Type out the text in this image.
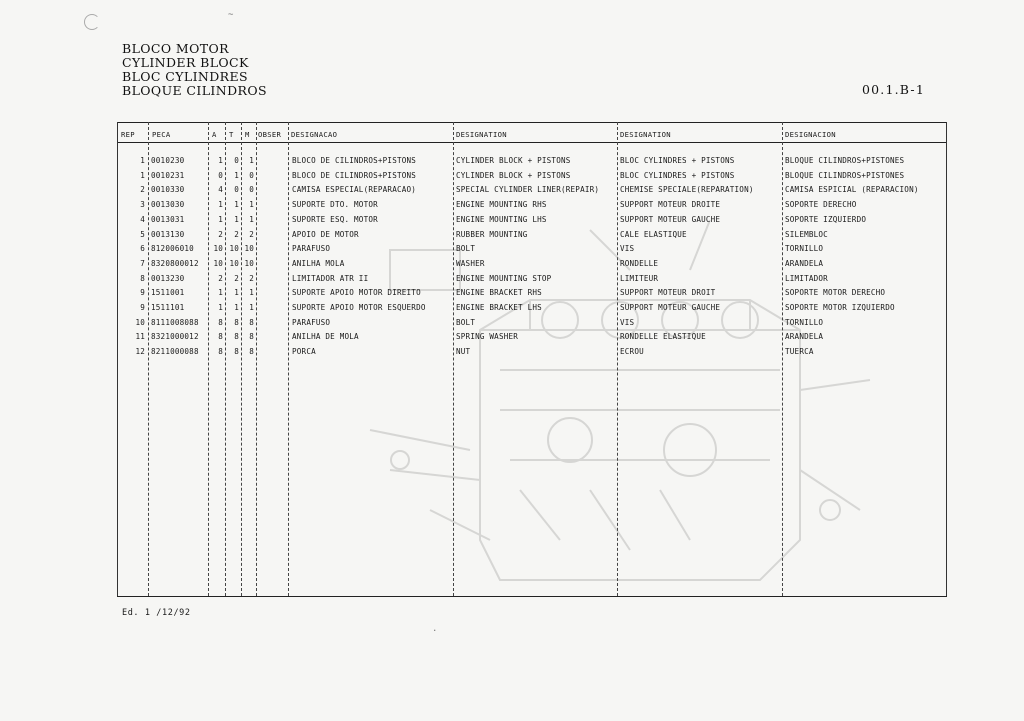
~
BLOCO MOTOR
CYLINDER BLOCK
BLOC CYLINDRES
BLOQUE CILINDROS	00.1.B-1
REP PECA	A T M OBSER DESIGNACAO	DESIGNATION	DESIGNATION	DESIGNACION
1 0010230	1	0	1	BLOCO DE CILINDROS+PISTONS	CYLINDER BLOCK + PISTONS	BLOC CYLINDRES + PISTONS	BLOQUE CILINDROS+PISTONES
1 0010231	0	1	0	BLOCO DE CILINDROS+PISTONS	CYLINDER BLOCK + PISTONS	BLOC CYLINDRES + PISTONS	BLOQUE CILINDROS+PISTONES
2 0010330	4	0	0	CAMISA ESPECIAL(REPARACAO)	SPECIAL CYLINDER LINER(REPAIR)	CHEMISE SPECIALE(REPARATION)	CAMISA ESPICIAL (REPARACION)
3 0013030	1	1	1	SUPORTE DTO. MOTOR	ENGINE MOUNTING RHS	SUPPORT MOTEUR DROITE	SOPORTE DERECHO
4 0013031	1	1	1	SUPORTE ESQ. MOTOR	ENGINE MOUNTING LHS	SUPPORT MOTEUR GAUCHE	SOPORTE IZQUIERDO
5 0013130	2	2	2	APOIO DE MOTOR	RUBBER MOUNTING	CALE ELASTIQUE	SILEMBLOC
6 812006010	10 10 10	PARAFUSO	BOLT	VIS	TORNILLO
7 8320800012	10 10 10	ANILHA MOLA	WASHER	RONDELLE	ARANDELA
8 0013230	2	2	2	LIMITADOR ATR II	ENGINE MOUNTING STOP	LIMITEUR	LIMITADOR
9 1511001	1	1	1	SUPORTE APOIO MOTOR DIREITO	ENGINE BRACKET RHS	SUPPORT MOTEUR DROIT	SOPORTE MOTOR DERECHO
9 1511101	1	1	1	SUPORTE APOIO MOTOR ESQUERDO	ENGINE BRACKET LHS	SUPPORT MOTEUR GAUCHE	SOPORTE MOTOR IZQUIERDO
10 8111008088	8	8	8	PARAFUSO	BOLT	VIS	TORNILLO
11 8321000012	8	8	8	ANILHA DE MOLA	SPRING WASHER	RONDELLE ELASTIQUE	ARANDELA
12 8211000088	8	8	8	PORCA	NUT	ECROU	TUERCA
Ed. 1 /12/92
.
